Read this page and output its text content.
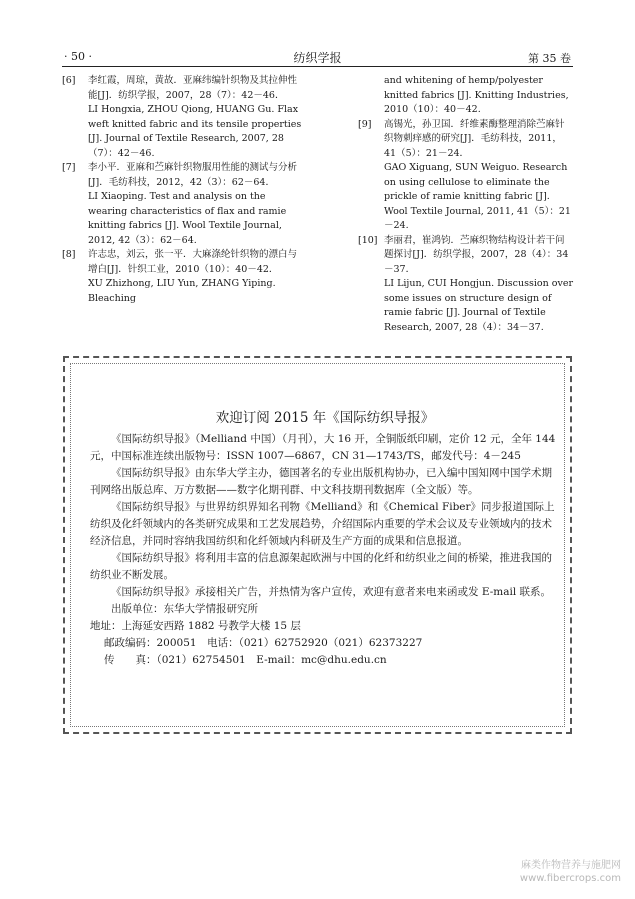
· 50 ·	纺织学报	第 35 卷
[6] 李红霞，周琼，黄故．亚麻纬编针织物及其拉伸性能[J]．纺织学报，2007，28（7）：42－46．

LI Hongxia, ZHOU Qiong, HUANG Gu. Flax weft knitted fabric and its tensile properties [J]. Journal of Textile Research, 2007, 28（7）：42－46.

[7] 李小平．亚麻和苎麻针织物服用性能的测试与分析[J]．毛纺科技，2012，42（3）：62－64．

LI Xiaoping. Test and analysis on the wearing characteristics of flax and ramie knitting fabrics [J]. Wool Textile Journal, 2012, 42（3）：62－64.

[8] 许志忠，刘云，张一平．大麻涤纶针织物的漂白与增白[J]．针织工业，2010（10）：40－42．

XU Zhizhong, LIU Yun, ZHANG Yiping. Bleaching

and whitening of hemp/polyester knitted fabrics [J]. Knitting Industries, 2010（10）：40－42.

[9] 高锡光，孙卫国．纤维素酶整理消除苎麻针织物刺痒感的研究[J]．毛纺科技，2011，41（5）：21－24．

GAO Xiguang, SUN Weiguo. Research on using cellulose to eliminate the prickle of ramie knitting fabric [J]. Wool Textile Journal, 2011, 41（5）：21－24.

[10] 李丽君，崔鸿钧．苎麻织物结构设计若干问题探讨[J]．纺织学报，2007，28（4）：34－37．

LI Lijun, CUI Hongjun. Discussion over some issues on structure design of ramie fabric [J]. Journal of Textile Research, 2007, 28（4）：34－37.

欢迎订阅 2015 年《国际纺织导报》

《国际纺织导报》（Melliand 中国）（月刊），大 16 开，全铜版纸印刷，定价 12 元，全年 144 元，中国标准连续出版物号：ISSN 1007—6867，CN 31—1743/TS，邮发代号：4－245

《国际纺织导报》由东华大学主办，德国著名的专业出版机构协办，已入编中国知网中国学术期刊网络出版总库、万方数据——数字化期刊群、中文科技期刊数据库（全文版）等。

《国际纺织导报》与世界纺织界知名刊物《Melliand》和《Chemical Fiber》同步报道国际上纺织及化纤领域内的各类研究成果和工艺发展趋势，介绍国际内重要的学术会议及专业领域内的技术经济信息，并同时容纳我国纺织和化纤领域内科研及生产方面的成果和信息报道。

《国际纺织导报》将利用丰富的信息源架起欧洲与中国的化纤和纺织业之间的桥梁，推进我国的纺织业不断发展。

《国际纺织导报》承接相关广告，并热情为客户宣传，欢迎有意者来电来函或发 E-mail 联系。

出版单位：东华大学情报研究所

地址：上海延安西路 1882 号教学大楼 15 层

邮政编码：200051　电话：（021）62752920（021）62373227

传　　真：（021）62754501　E-mail：mc@dhu.edu.cn

麻类作物营养与施肥网
www.fibercrops.com
